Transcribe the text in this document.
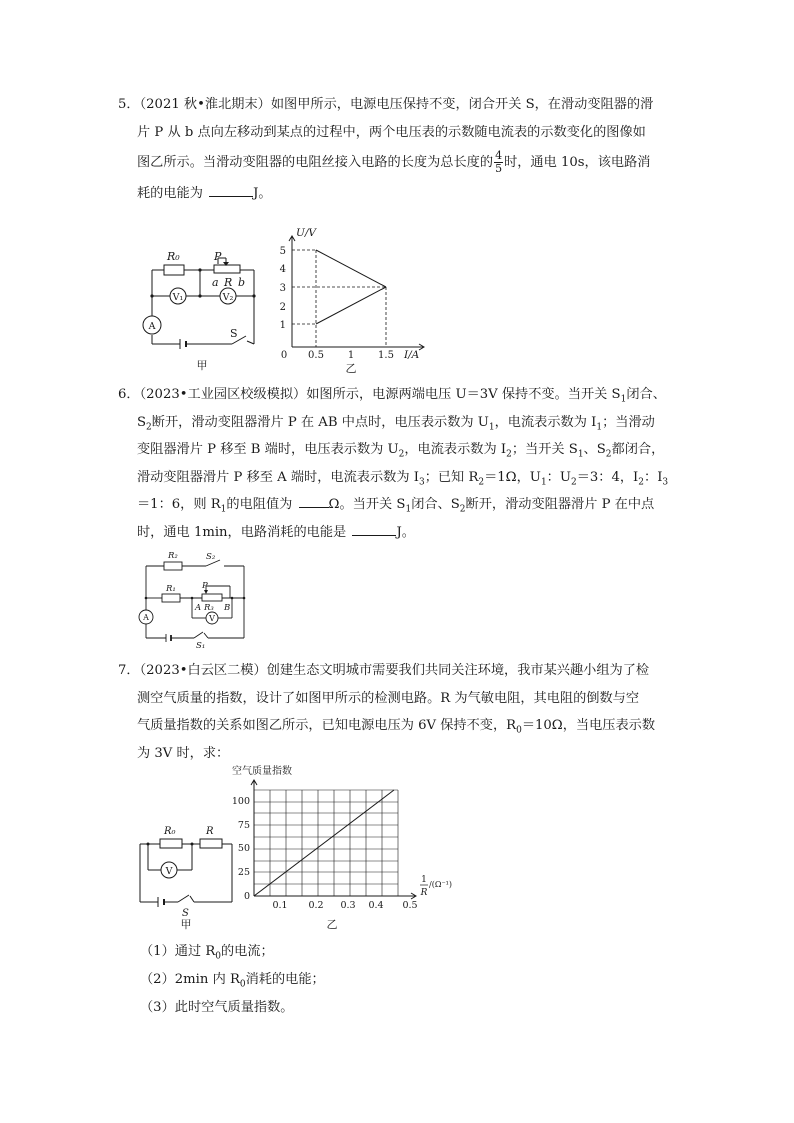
5．（2021 秋•淮北期末）如图甲所示，电源电压保持不变，闭合开关 S，在滑动变阻器的滑
片 P 从 b 点向左移动到某点的过程中，两个电压表的示数随电流表的示数变化的图像如
图乙所示。当滑动变阻器的电阻丝接入电路的长度为总长度的 $\frac{4}{5}$ 时，通电 10s，该电路消
耗的电能为	J。
R₀	P
a R b
V₁	V₂
A
S
甲
5
4
3
2
1
0 0.5 1 1.5
U/V
I/A
乙
6．（2023•工业园区校级模拟）如图所示，电源两端电压 U＝3V 保持不变。当开关 $S_1$闭合、
$S_2$断开，滑动变阻器滑片 P 在 AB 中点时，电压表示数为 $U_1$，电流表示数为 $I_1$；当滑动
变阻器滑片 P 移至 B 端时，电压表示数为 $U_2$，电流表示数为 $I_2$；当开关 $S_1$、$S_2$都闭合，
滑动变阻器滑片 P 移至 A 端时，电流表示数为 $I_3$；已知 $R_2=1\Omega$，$U_1$：$U_2=3$：4，$I_2$：$I_3$
＝1：6，则 $R_1$的电阻值为 Ω。当开关 $S_1$闭合、$S_2$断开，滑动变阻器滑片 P 在中点
时，通电 1min，电路消耗的电能是	J。
R₂	S₂
R₁	P
A R₃ B
S₁
V
A
7．（2023•白云区二模）创建生态文明城市需要我们共同关注环境，我市某兴趣小组为了检
测空气质量的指数，设计了如图甲所示的检测电路。R 为气敏电阻，其电阻的倒数与空
气质量指数的关系如图乙所示，已知电源电压为 6V 保持不变，$R_0=10\Omega$，当电压表示数
为 3V 时，求：
R₀	R
S
V
甲
100
75
50
25
0
0.1 0.2 0.3 0.4 0.5
空气质量指数
1
R
/(Ω⁻¹)
乙
（1）通过 $R_0$的电流；
（2）2min 内 $R_0$消耗的电能；
（3）此时空气质量指数。
